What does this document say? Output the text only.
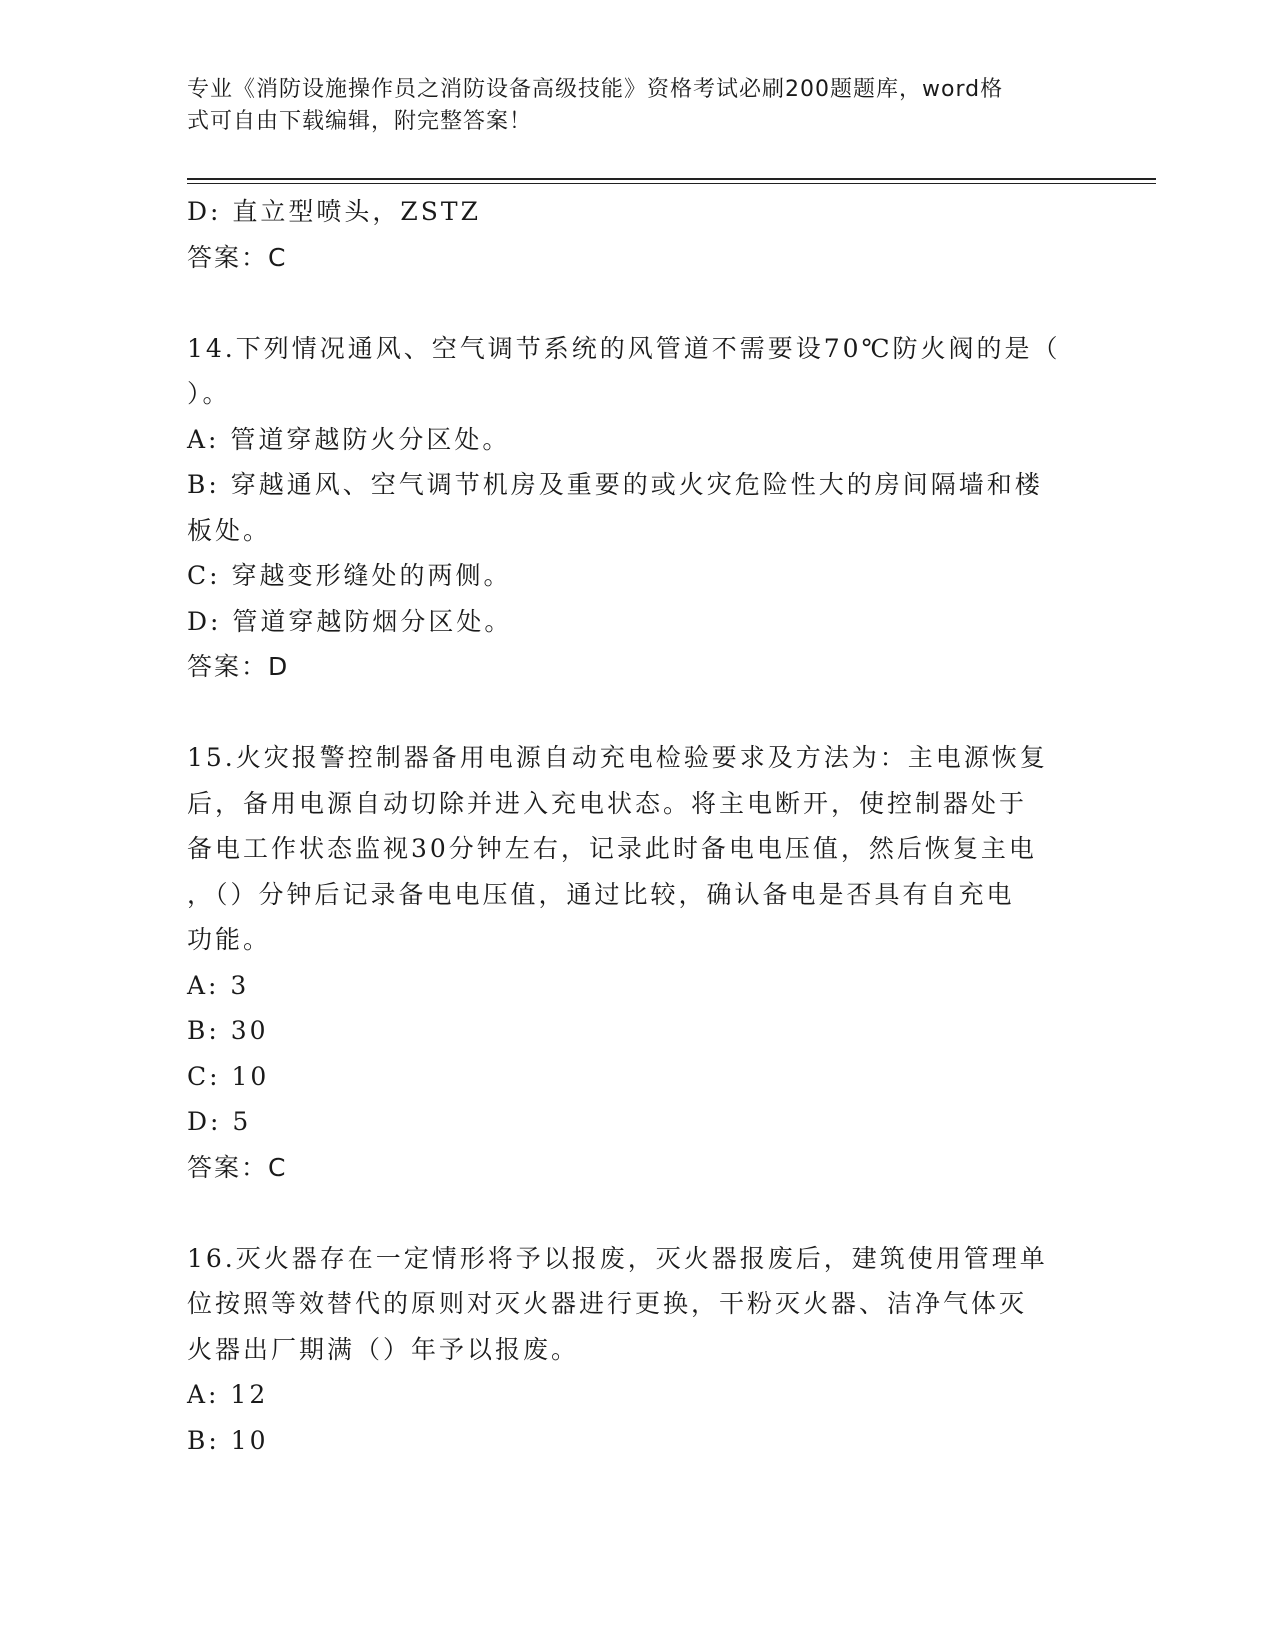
专业《消防设施操作员之消防设备高级技能》资格考试必刷200题题库，word格
式可自由下载编辑，附完整答案！

D: 直立型喷头，ZSTZ

答案：C

14.下列情况通风、空气调节系统的风管道不需要设70℃防火阀的是（

）。

A: 管道穿越防火分区处。

B: 穿越通风、空气调节机房及重要的或火灾危险性大的房间隔墙和楼

板处。

C: 穿越变形缝处的两侧。

D: 管道穿越防烟分区处。

答案：D

15.火灾报警控制器备用电源自动充电检验要求及方法为：主电源恢复

后，备用电源自动切除并进入充电状态。将主电断开，使控制器处于

备电工作状态监视30分钟左右，记录此时备电电压值，然后恢复主电

，（）分钟后记录备电电压值，通过比较，确认备电是否具有自充电

功能。

A: 3

B: 30

C: 10

D: 5

答案：C

16.灭火器存在一定情形将予以报废，灭火器报废后，建筑使用管理单

位按照等效替代的原则对灭火器进行更换，干粉灭火器、洁净气体灭

火器出厂期满（）年予以报废。

A: 12

B: 10
